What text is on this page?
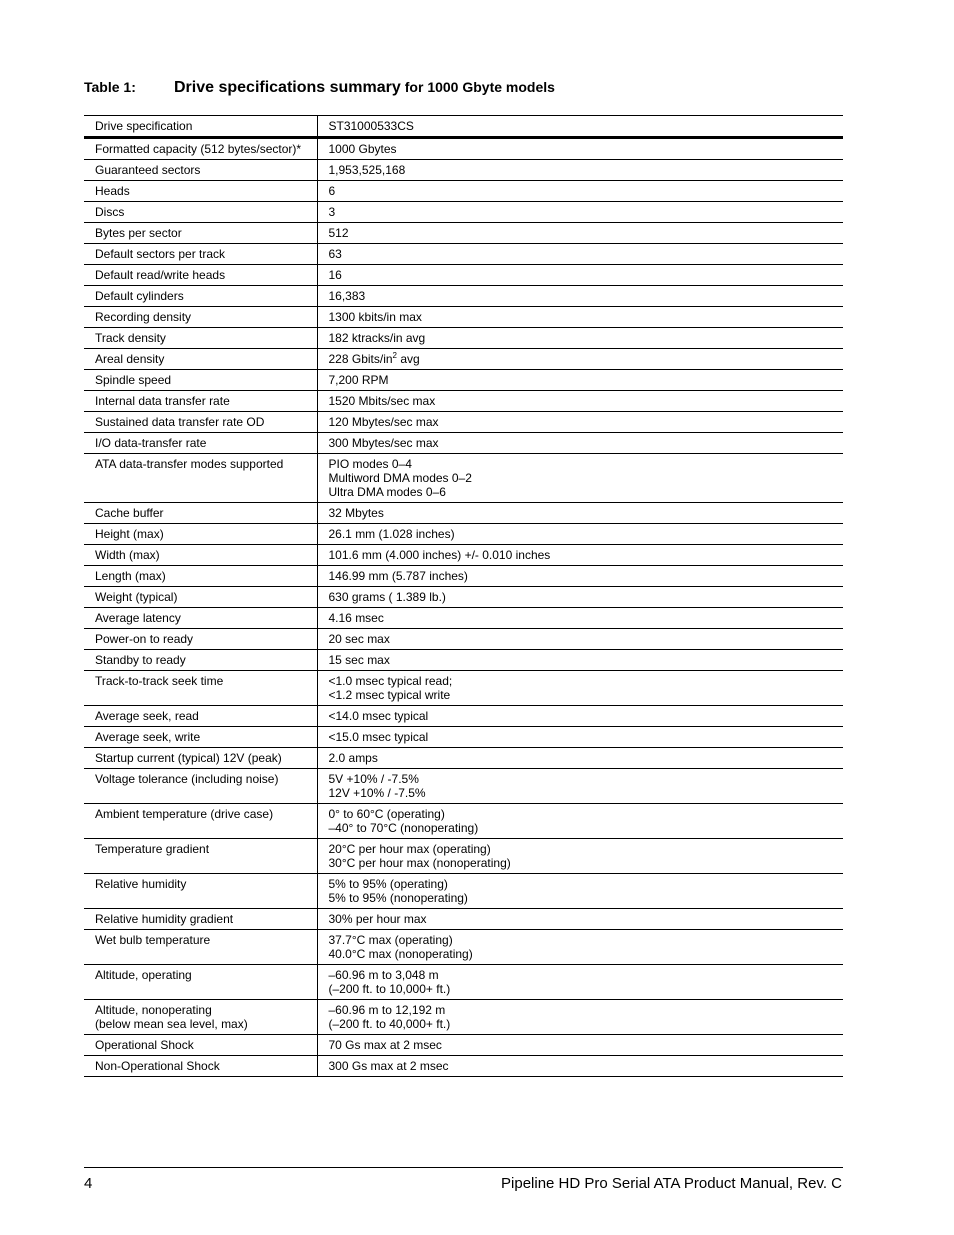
Table 1:	Drive specifications summary for 1000 Gbyte models
Drive specification	ST31000533CS
Formatted capacity (512 bytes/sector)*	1000 Gbytes
Guaranteed sectors	1,953,525,168
Heads	6
Discs	3
Bytes per sector	512
Default sectors per track	63
Default read/write heads	16
Default cylinders	16,383
Recording density	1300 kbits/in max
Track density	182 ktracks/in avg
Areal density	228 Gbits/$in^2$ avg
Spindle speed	7,200 RPM
Internal data transfer rate	1520 Mbits/sec max
Sustained data transfer rate OD	120 Mbytes/sec max
I/O data-transfer rate	300 Mbytes/sec max
ATA data-transfer modes supported	PIO modes 0–4
Multiword DMA modes 0–2
Ultra DMA modes 0–6
Cache buffer	32 Mbytes
Height (max)	26.1 mm (1.028 inches)
Width (max)	101.6 mm (4.000 inches) +/- 0.010 inches
Length (max)	146.99 mm (5.787 inches)
Weight (typical)	630 grams ( 1.389 lb.)
Average latency	4.16 msec
Power-on to ready	20 sec max
Standby to ready	15 sec max
Track-to-track seek time	<1.0 msec typical read;
<1.2 msec typical write
Average seek, read	<14.0 msec typical
Average seek, write	<15.0 msec typical
Startup current (typical) 12V (peak)	2.0 amps
Voltage tolerance (including noise)	5V +10% / -7.5%
12V +10% / -7.5%
Ambient temperature (drive case)	0° to 60°C (operating)
–40° to 70°C (nonoperating)
Temperature gradient	20°C per hour max (operating)
30°C per hour max (nonoperating)
Relative humidity	5% to 95% (operating)
5% to 95% (nonoperating)
Relative humidity gradient	30% per hour max
Wet bulb temperature	37.7°C max (operating)
40.0°C max (nonoperating)
Altitude, operating	–60.96 m to 3,048 m
(–200 ft. to 10,000+ ft.)
Altitude, nonoperating
(below mean sea level, max)	–60.96 m to 12,192 m
(–200 ft. to 40,000+ ft.)
Operational Shock	70 Gs max at 2 msec
Non-Operational Shock	300 Gs max at 2 msec
4	Pipeline HD Pro Serial ATA Product Manual, Rev. C
